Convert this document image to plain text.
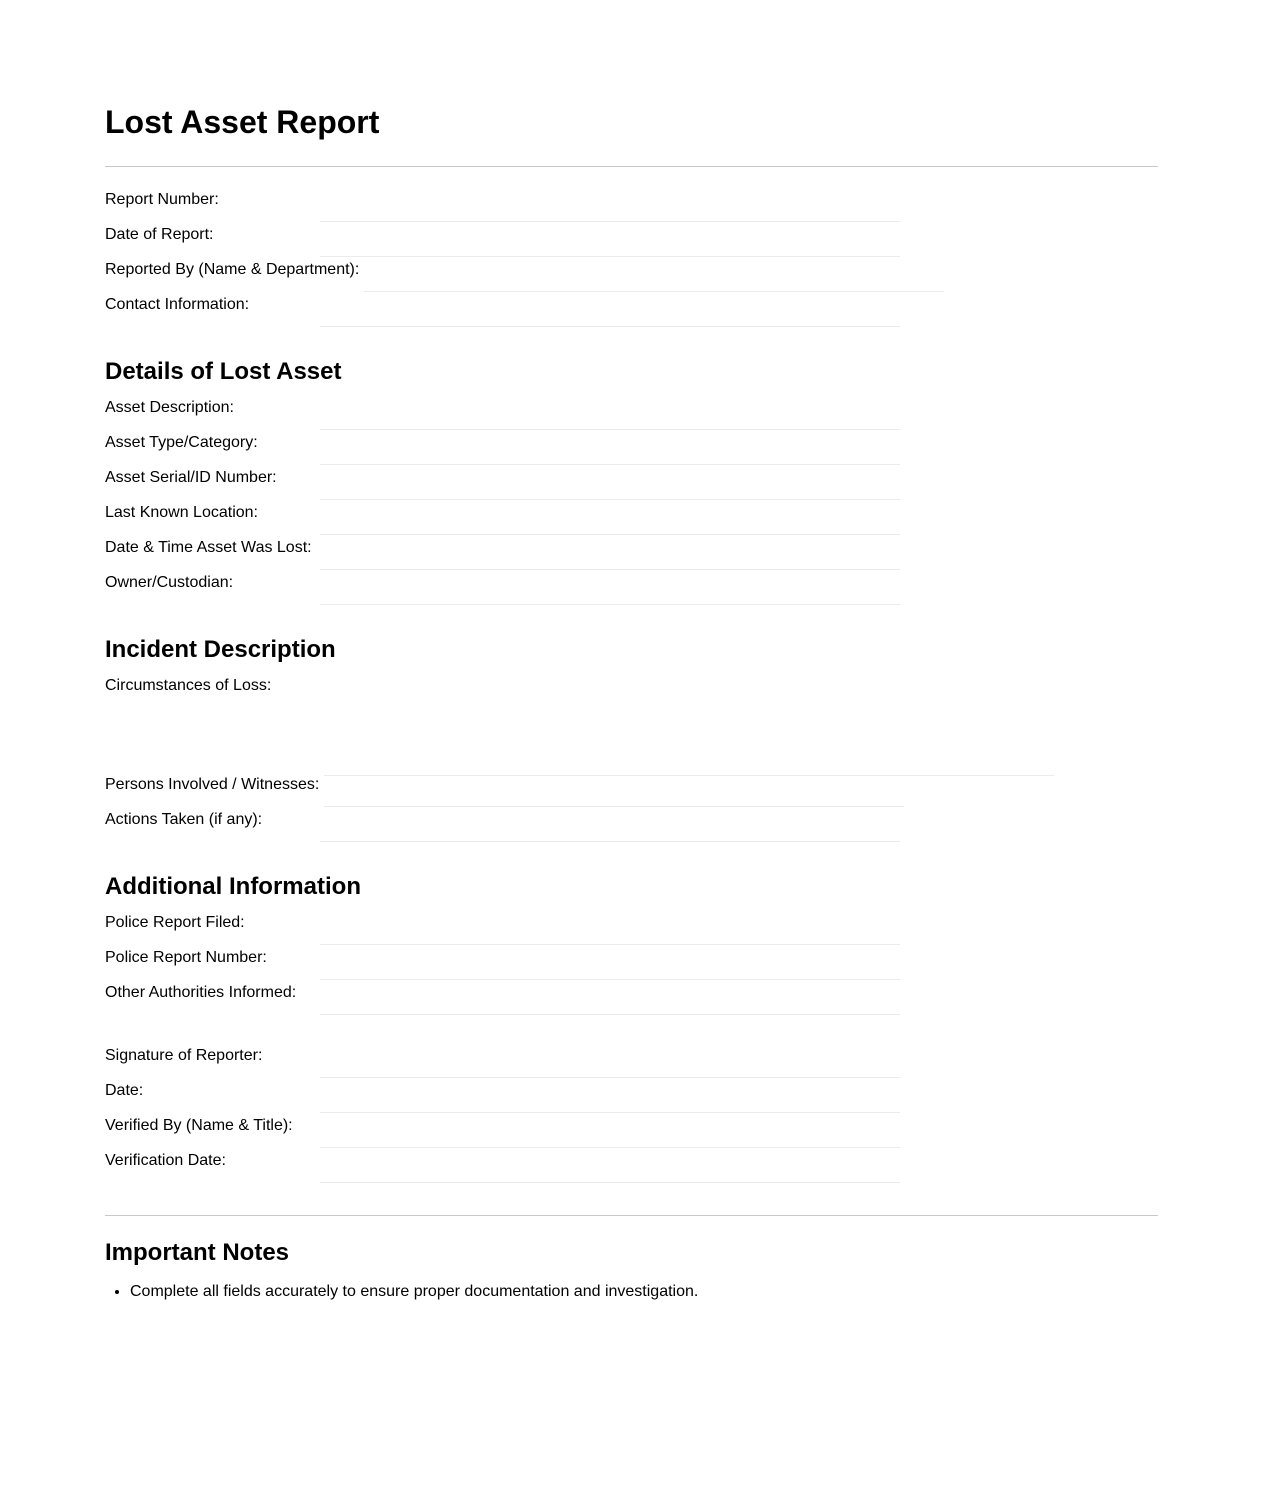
Lost Asset Report
Report Number:
Date of Report:
Reported By (Name & Department):
Contact Information:
Details of Lost Asset
Asset Description:
Asset Type/Category:
Asset Serial/ID Number:
Last Known Location:
Date & Time Asset Was Lost:
Owner/Custodian:
Incident Description
Circumstances of Loss:
Persons Involved / Witnesses:
Actions Taken (if any):
Additional Information
Police Report Filed:
Police Report Number:
Other Authorities Informed:
Signature of Reporter:
Date:
Verified By (Name & Title):
Verification Date:
Important Notes
• Complete all fields accurately to ensure proper documentation and investigation.
